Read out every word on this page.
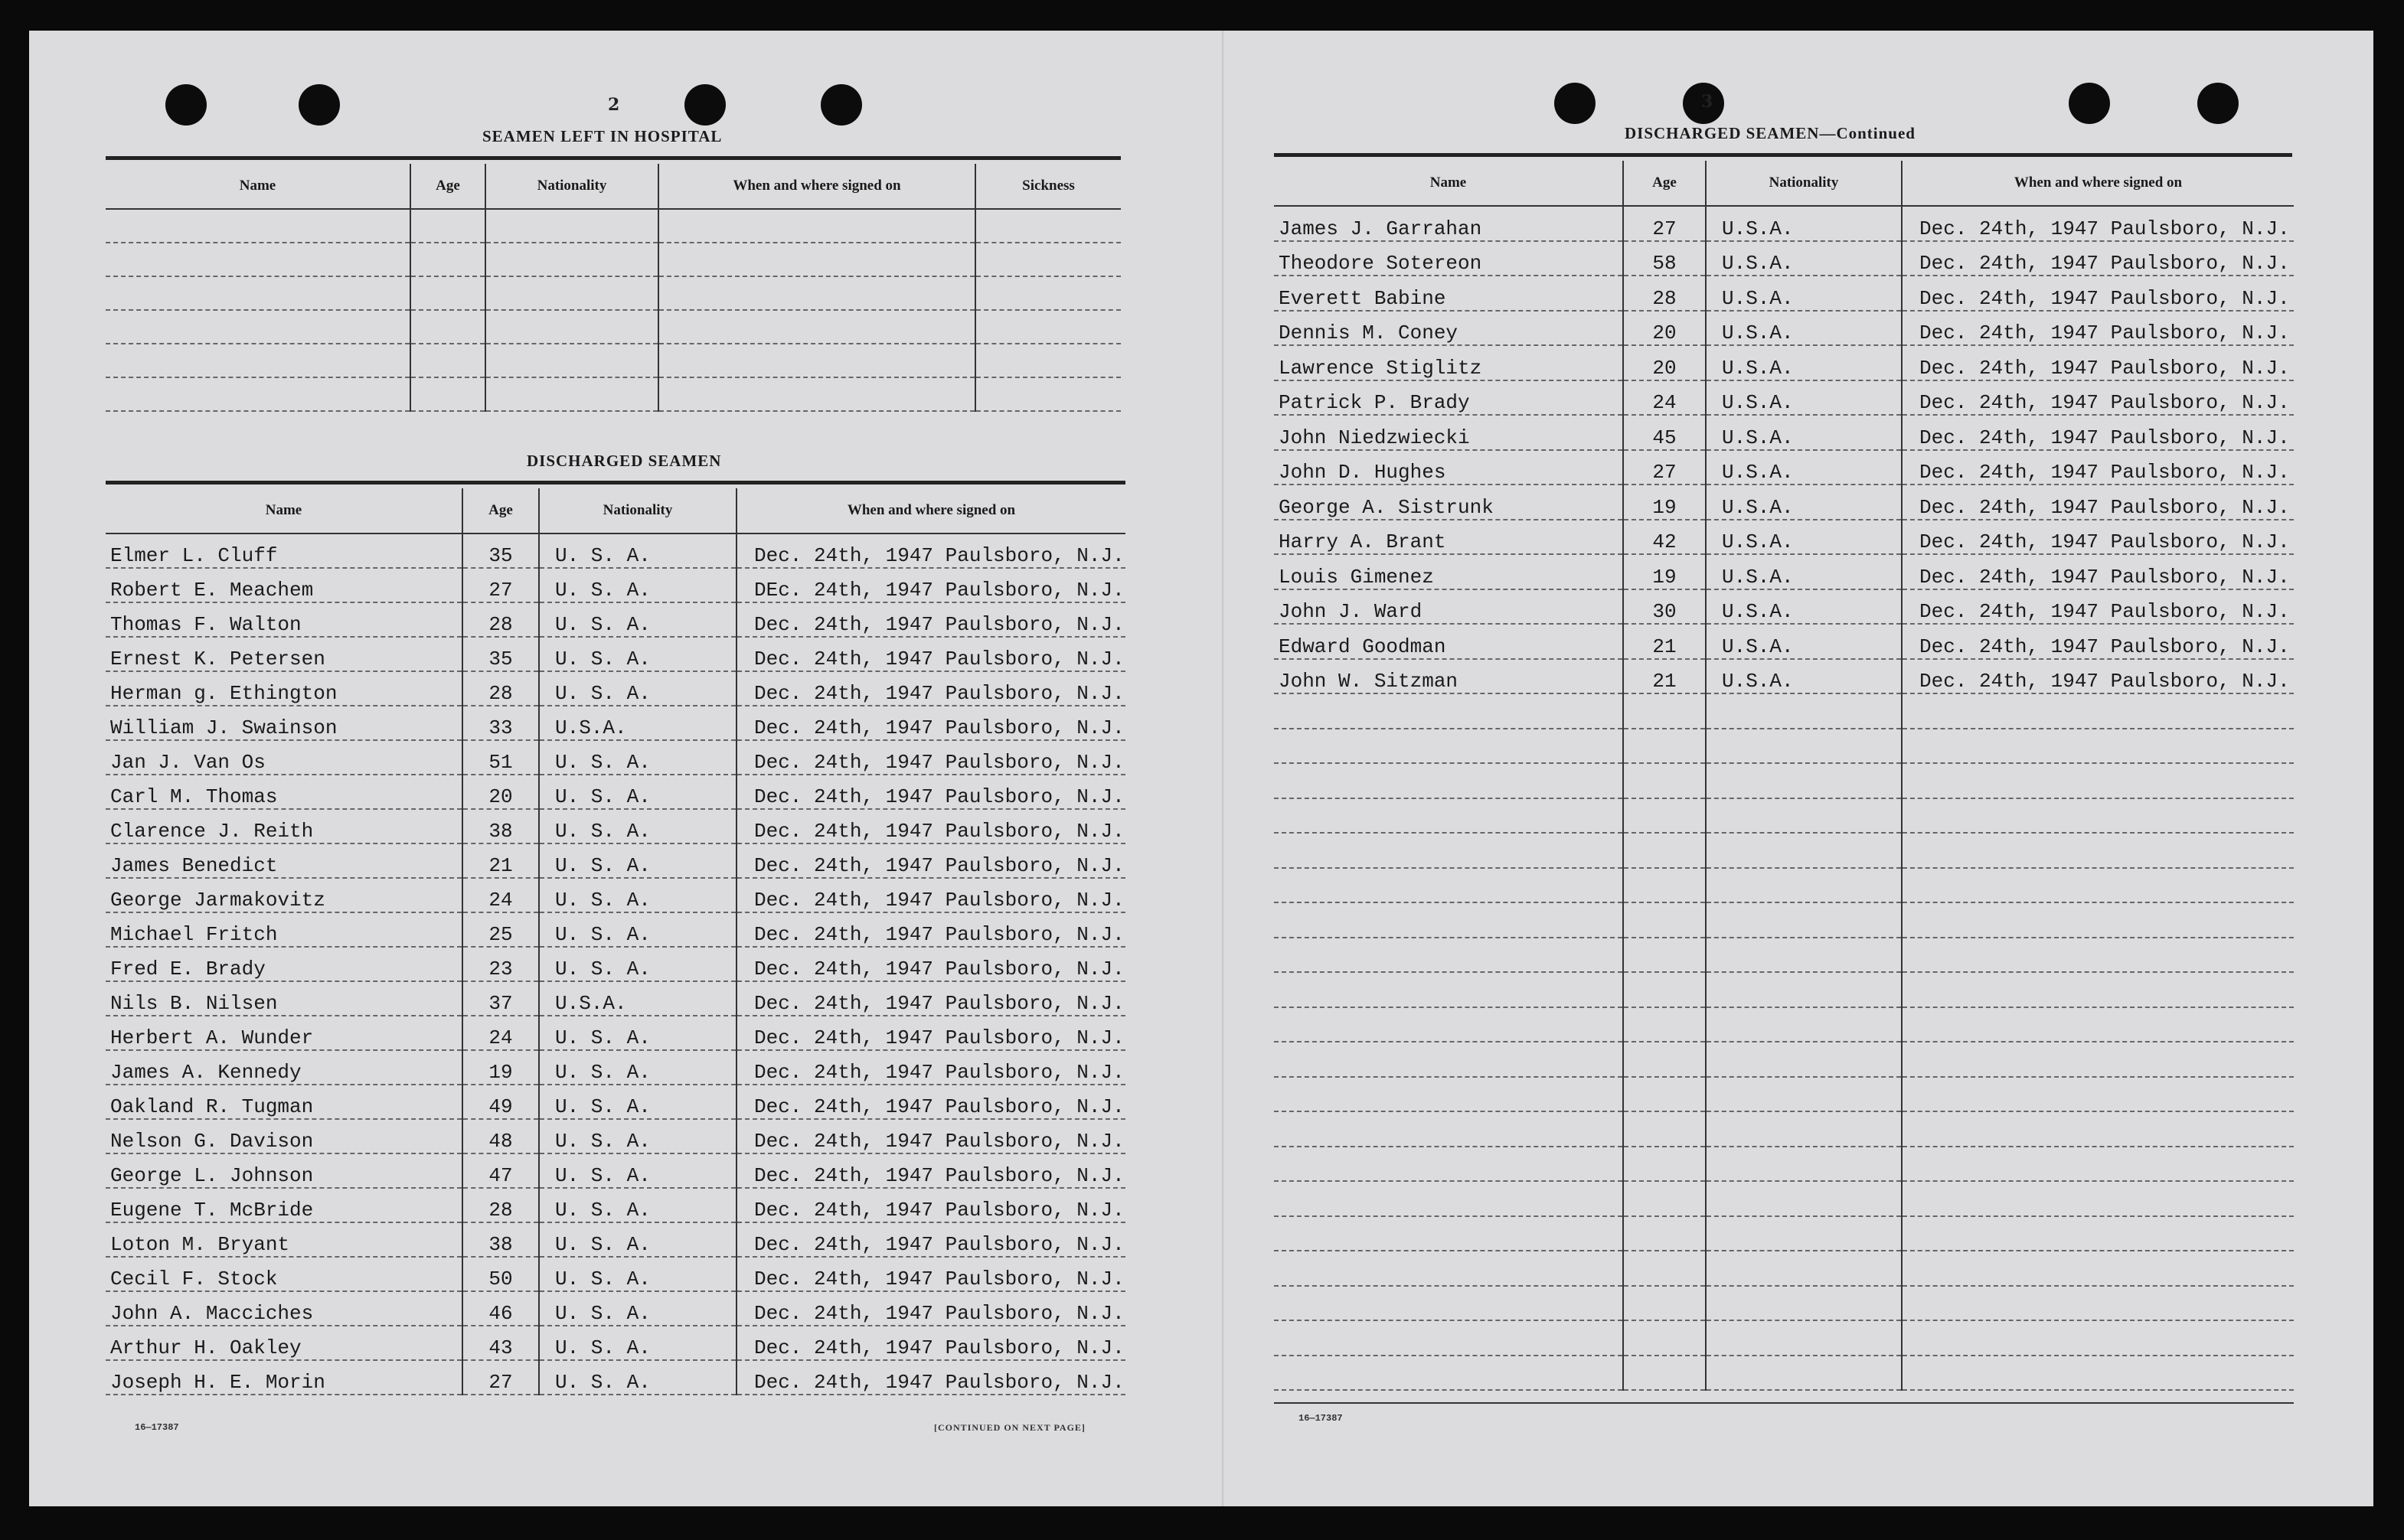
2
SEAMEN LEFT IN HOSPITAL
Name	Age	Nationality	When and where signed on	Sickness

DISCHARGED SEAMEN
Name	Age	Nationality	When and where signed on
Elmer L. Cluff	35	U. S. A.	Dec. 24th, 1947 Paulsboro, N.J.
Robert E. Meachem	27	U. S. A.	DEc. 24th, 1947 Paulsboro, N.J.
Thomas F. Walton	28	U. S. A.	Dec. 24th, 1947 Paulsboro, N.J.
Ernest K. Petersen	35	U. S. A.	Dec. 24th, 1947 Paulsboro, N.J.
Herman g. Ethington	28	U. S. A.	Dec. 24th, 1947 Paulsboro, N.J.
William J. Swainson	33	U.S.A.	Dec. 24th, 1947 Paulsboro, N.J.
Jan J. Van Os	51	U. S. A.	Dec. 24th, 1947 Paulsboro, N.J.
Carl M. Thomas	20	U. S. A.	Dec. 24th, 1947 Paulsboro, N.J.
Clarence J. Reith	38	U. S. A.	Dec. 24th, 1947 Paulsboro, N.J.
James Benedict	21	U. S. A.	Dec. 24th, 1947 Paulsboro, N.J.
George Jarmakovitz	24	U. S. A.	Dec. 24th, 1947 Paulsboro, N.J.
Michael Fritch	25	U. S. A.	Dec. 24th, 1947 Paulsboro, N.J.
Fred E. Brady	23	U. S. A.	Dec. 24th, 1947 Paulsboro, N.J.
Nils B. Nilsen	37	U.S.A.	Dec. 24th, 1947 Paulsboro, N.J.
Herbert A. Wunder	24	U. S. A.	Dec. 24th, 1947 Paulsboro, N.J.
James A. Kennedy	19	U. S. A.	Dec. 24th, 1947 Paulsboro, N.J.
Oakland R. Tugman	49	U. S. A.	Dec. 24th, 1947 Paulsboro, N.J.
Nelson G. Davison	48	U. S. A.	Dec. 24th, 1947 Paulsboro, N.J.
George L. Johnson	47	U. S. A.	Dec. 24th, 1947 Paulsboro, N.J.
Eugene T. McBride	28	U. S. A.	Dec. 24th, 1947 Paulsboro, N.J.
Loton M. Bryant	38	U. S. A.	Dec. 24th, 1947 Paulsboro, N.J.
Cecil F. Stock	50	U. S. A.	Dec. 24th, 1947 Paulsboro, N.J.
John A. Macciches	46	U. S. A.	Dec. 24th, 1947 Paulsboro, N.J.
Arthur H. Oakley	43	U. S. A.	Dec. 24th, 1947 Paulsboro, N.J.
Joseph H. E. Morin	27	U. S. A.	Dec. 24th, 1947 Paulsboro, N.J.
16—17387	[CONTINUED ON NEXT PAGE]
3
DISCHARGED SEAMEN—Continued
Name	Age	Nationality	When and where signed on
James J. Garrahan	27	U.S.A.	Dec. 24th, 1947 Paulsboro, N.J.
Theodore Sotereon	58	U.S.A.	Dec. 24th, 1947 Paulsboro, N.J.
Everett Babine	28	U.S.A.	Dec. 24th, 1947 Paulsboro, N.J.
Dennis M. Coney	20	U.S.A.	Dec. 24th, 1947 Paulsboro, N.J.
Lawrence Stiglitz	20	U.S.A.	Dec. 24th, 1947 Paulsboro, N.J.
Patrick P. Brady	24	U.S.A.	Dec. 24th, 1947 Paulsboro, N.J.
John Niedzwiecki	45	U.S.A.	Dec. 24th, 1947 Paulsboro, N.J.
John D. Hughes	27	U.S.A.	Dec. 24th, 1947 Paulsboro, N.J.
George A. Sistrunk	19	U.S.A.	Dec. 24th, 1947 Paulsboro, N.J.
Harry A. Brant	42	U.S.A.	Dec. 24th, 1947 Paulsboro, N.J.
Louis Gimenez	19	U.S.A.	Dec. 24th, 1947 Paulsboro, N.J.
John J. Ward	30	U.S.A.	Dec. 24th, 1947 Paulsboro, N.J.
Edward Goodman	21	U.S.A.	Dec. 24th, 1947 Paulsboro, N.J.
John W. Sitzman	21	U.S.A.	Dec. 24th, 1947 Paulsboro, N.J.

16—17387
